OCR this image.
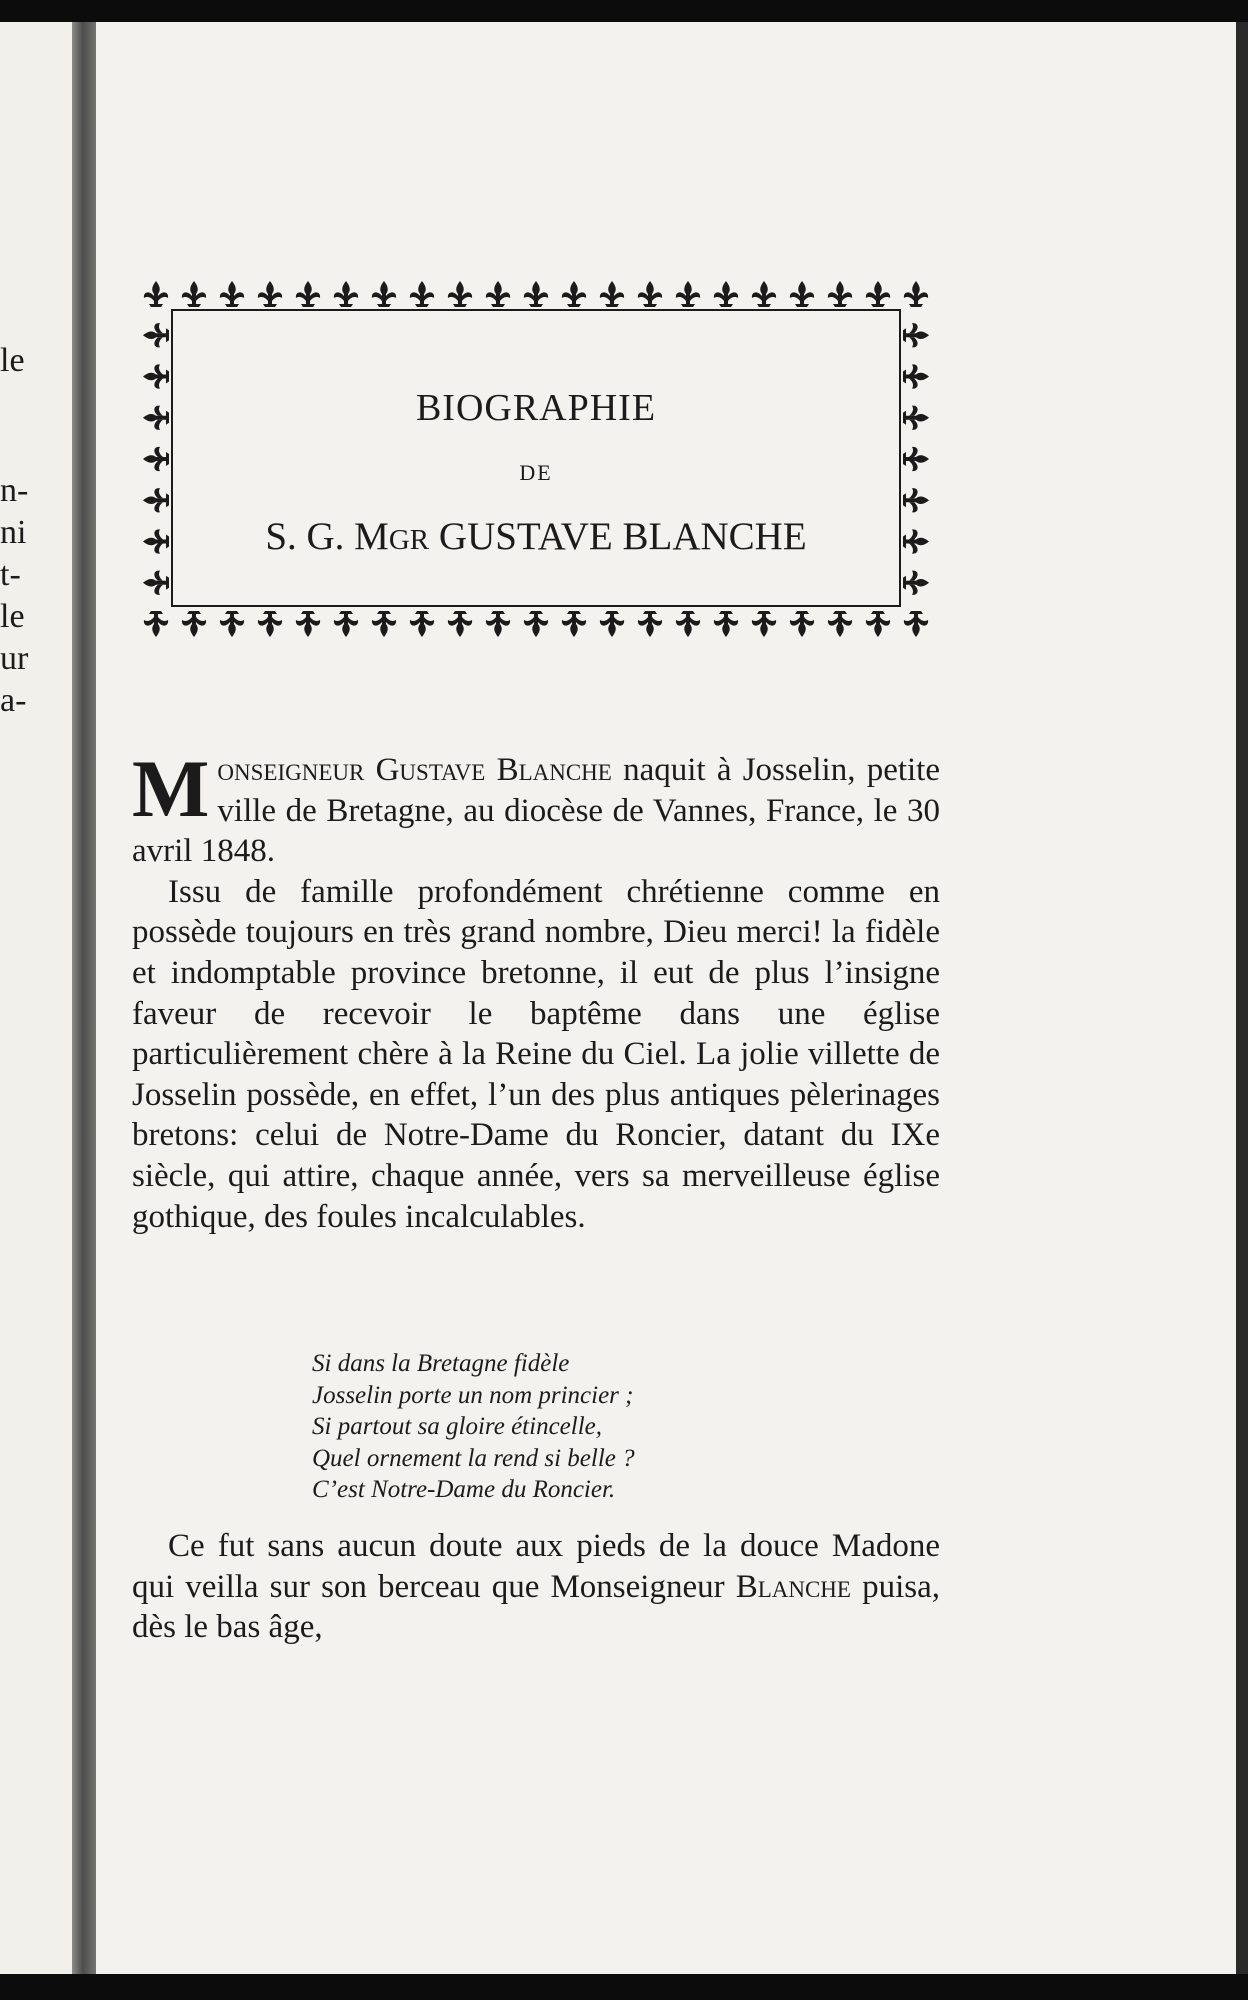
le
n-
ni
t-
le
ur
a-
BIOGRAPHIE
DE
S. G. MGR GUSTAVE BLANCHE

Monseigneur Gustave Blanche naquit à Josselin, petite ville de Bretagne, au diocèse de Vannes, France, le 30 avril 1848.

Issu de famille profondément chrétienne comme en possède toujours en très grand nombre, Dieu merci! la fidèle et indomptable province bretonne, il eut de plus l’insigne faveur de recevoir le baptême dans une église particulièrement chère à la Reine du Ciel. La jolie villette de Josselin possède, en effet, l’un des plus antiques pèlerinages bretons: celui de Notre-Dame du Roncier, datant du IXe siècle, qui attire, chaque année, vers sa merveilleuse église gothique, des foules incalculables.

Si dans la Bretagne fidèle
Josselin porte un nom princier ;
Si partout sa gloire étincelle,
Quel ornement la rend si belle ?
C’est Notre-Dame du Roncier.

Ce fut sans aucun doute aux pieds de la douce Madone qui veilla sur son berceau que Monseigneur Blanche puisa, dès le bas âge,
